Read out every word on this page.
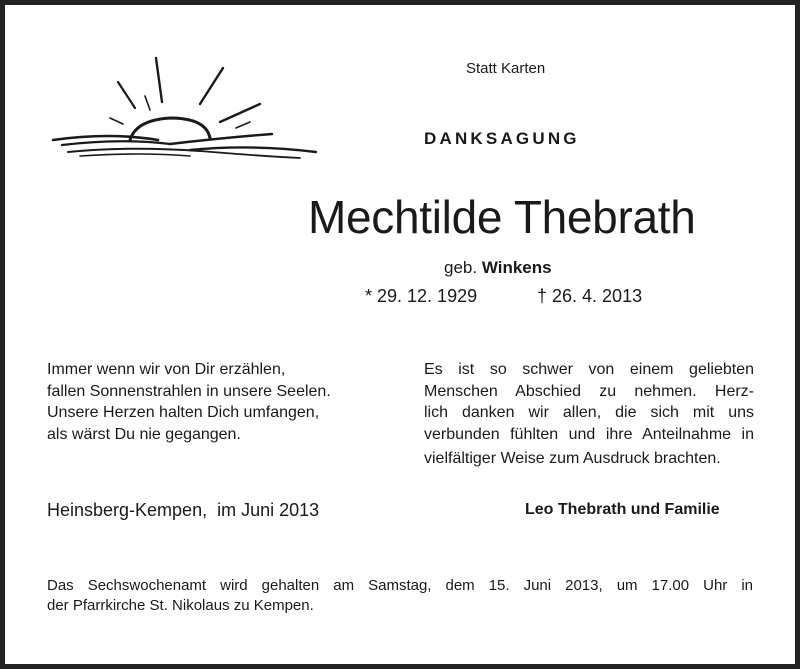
Statt Karten
DANKSAGUNG
Mechtilde Thebrath
geb. Winkens
* 29. 12. 1929	† 26. 4. 2013
Immer wenn wir von Dir erzählen,
fallen Sonnenstrahlen in unsere Seelen.
Unsere Herzen halten Dich umfangen,
als wärst Du nie gegangen.
Es ist so schwer von einem geliebten
Menschen Abschied zu nehmen. Herz-
lich danken wir allen, die sich mit uns
verbunden fühlten und ihre Anteilnahme in
vielfältiger Weise zum Ausdruck brachten.
Heinsberg-Kempen, im Juni 2013	Leo Thebrath und Familie
Das Sechswochenamt wird gehalten am Samstag, dem 15. Juni 2013, um 17.00 Uhr in
der Pfarrkirche St. Nikolaus zu Kempen.
